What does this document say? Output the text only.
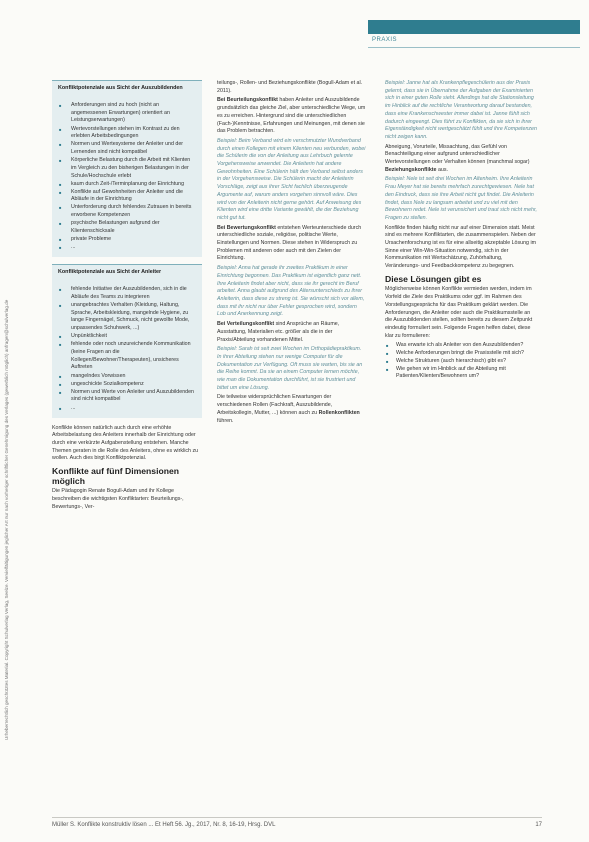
Urheberrechtlich geschütztes Material. Copyright Schulverlag Verlag, Seelze. Vervielfältigungen jeglicher Art nur nach vorheriger schriftlicher Genehmigung des Verlages (gewerblich möglich) anfragen@schulverlag.de
PRAXIS
Konfliktpotenziale aus Sicht der Auszubildenden
■ Anforderungen sind zu hoch (nicht an angemessenen Erwartungen) orientiert an Leistungserwartungen)
■ Wertevorstellungen stehen im Kontrast zu den erlebten Arbeitsbedingungen
■ Normen und Wertesysteme der Anleiter und der Lernenden sind nicht kompatibel
■ Körperliche Belastung durch die Arbeit mit Klienten im Vergleich zu den bisherigen Belastungen in der Schule/Hochschule erlebt
■ kaum durch Zeit-/Terminplanung der Einrichtung
■ Konflikte auf Gewohnheiten der Anleiter und die Abläufe in der Einrichtung
■ Unterforderung durch fehlendes Zutrauen in bereits erworbene Kompetenzen
■ psychische Belastungen aufgrund der Klientenschicksale
■ private Probleme
■ ...
Konfliktpotenziale aus Sicht der Anleiter
■ fehlende Initiative der Auszubildenden, sich in die Abläufe des Teams zu integrieren
■ unangebrachtes Verhalten (Kleidung, Haltung, Sprache, Arbeitskleidung, mangelnde Hygiene, zu lange Fingernägel, Schmuck, nicht gewollte Mode, unpassendes Schuhwerk, ...)
■ Unpünktlichkeit
■ fehlende oder noch unzureichende Kommunikation (keine Fragen an die Kollegen/Bewohner/Therapeuten), unsicheres Auftreten
■ mangelndes Vorwissen
■ ungeschickte Sozialkompetenz
■ Normen und Werte von Anleiter und Auszubildenden sind nicht kompatibel
■ ...

Konflikte können natürlich auch durch eine erhöhte Arbeitsbelastung des Anleiters innerhalb der Einrichtung oder durch eine verkürzte Aufgabenstellung entstehen. Manche Themen geraten in die Rolle des Anleiters, ohne es wirklich zu wollen. Auch dies birgt Konfliktpotenzial.

Konflikte auf fünf Dimensionen möglich

Die Pädagogin Renate Bogull-Adam und ihr Kollege beschreiben die wichtigsten Konfliktarten: Beurteilungs-, Bewertungs-, Ver-

teilungs-, Rollen- und Beziehungskonflikte (Bogull-Adam et al. 2011).

Bei Beurteilungskonflikt haben Anleiter und Auszubildende grundsätzlich das gleiche Ziel, aber unterschiedliche Wege, um es zu erreichen. Hintergrund sind die unterschiedlichen (Fach-)Kenntnisse, Erfahrungen und Meinungen, mit denen sie das Problem betrachten.

Beispiel: Beim Verband wird ein verschmutzter Wundverband durch einen Kollegen mit einem Klienten neu verbunden, wobei die Schülerin die von der Anleitung aus Lehrbuch gelernte Vorgehensweise anwendet. Die Anleiterin hat andere Gewohnheiten. Eine Schülerin hält den Verband selbst anders in der Vorgehensweise. Die Schülerin macht der Anleiterin Vorschläge, zeigt aus ihrer Sicht fachlich überzeugende Argumente auf, warum anders vorgehen sinnvoll wäre. Dies wird von der Anleiterin nicht gerne gehört. Auf Anweisung des Klienten wird eine dritte Variante gewählt, die der Beziehung nicht gut tut.

Bei Bewertungskonflikt entstehen Werteunterschiede durch unterschiedliche soziale, religiöse, politische Werte, Einstellungen und Normen. Diese stehen in Widerspruch zu Problemen mit anderen oder auch mit den Zielen der Einrichtung.

Beispiel: Anna hat gerade ihr zweites Praktikum in einer Einrichtung begonnen. Das Praktikum ist eigentlich ganz nett. Ihre Anleiterin findet aber nicht, dass sie ihr gerecht im Beruf arbeitet. Anna glaubt aufgrund des Altersunterschieds zu ihrer Anleiterin, dass diese zu streng ist. Sie wünscht sich vor allem, dass mit ihr nicht nur über Fehler gesprochen wird, sondern Lob und Anerkennung zeigt.

Bei Verteilungskonflikt sind Ansprüche an Räume, Ausstattung, Materialien etc. größer als die in der Praxis/Abteilung vorhandenen Mittel.

Beispiel: Sarah ist seit zwei Wochen im Orthopädiepraktikum. In ihrer Abteilung stehen nur wenige Computer für die Dokumentation zur Verfügung. Oft muss sie warten, bis sie an die Reihe kommt. Da sie an einem Computer lernen möchte, wie man die Dokumentation durchführt, ist sie frustriert und bittet um eine Lösung.

Die teilweise widersprüchlichen Erwartungen der verschiedenen Rollen (Fachkraft, Auszubildende, Arbeitskollegin, Mutter, ...) können auch zu Rollenkonflikten führen.

Beispiel: Janne hat als Krankenpflegeschülerin aus der Praxis gelernt, dass sie in Übernahme der Aufgaben der Examinierten sich in einer guten Rolle sieht. Allerdings hat die Stationsleitung im Hinblick auf die rechtliche Verantwortung darauf bestanden, dass eine Krankenschwester immer dabei ist. Janne fühlt sich dadurch eingeengt. Dies führt zu Konflikten, da sie sich in ihrer Eigenständigkeit nicht wertgeschätzt fühlt und ihre Kompetenzen nicht zeigen kann.

Abneigung, Vorurteile, Missachtung, das Gefühl von Benachteiligung einer aufgrund unterschiedlicher Wertevorstellungen oder Verhalten können (manchmal sogar) Beziehungskonflikte aus.

Beispiel: Nele ist seit drei Wochen im Altenheim. Ihre Anleiterin Frau Meyer hat sie bereits mehrfach zurechtgewiesen. Nele hat den Eindruck, dass sie ihre Arbeit nicht gut findet. Die Anleiterin findet, dass Nele zu langsam arbeitet und zu viel mit den Bewohnern redet. Nele ist verunsichert und traut sich nicht mehr, Fragen zu stellen.

Konflikte finden häufig nicht nur auf einer Dimension statt. Meist sind es mehrere Konfliktarten, die zusammenspielen. Neben der Ursachenforschung ist es für eine allseitig akzeptable Lösung im Sinne einer Win-Win-Situation notwendig, sich in der Kommunikation mit Wertschätzung, Zuhörhaltung, Veränderungs- und Feedbackkompetenz zu begegnen.

Diese Lösungen gibt es

Möglicherweise können Konflikte vermieden werden, indem im Vorfeld die Ziele des Praktikums oder ggf. im Rahmen des Vorstellungsgesprächs für das Praktikum geklärt werden. Die Anforderungen, die Anleiter oder auch die Praktikumsstelle an die Auszubildenden stellen, sollten bereits zu diesem Zeitpunkt eindeutig formuliert sein. Folgende Fragen helfen dabei, diese klar zu formulieren:

■ Was erwarte ich als Anleiter von den Auszubildenden?
■ Welche Anforderungen bringt die Praxisstelle mit sich?
■ Welche Strukturen (auch hierarchisch) gibt es?
■ Wie gehen wir im Hinblick auf die Abteilung mit Patienten/Klienten/Bewohnern um?
Müller S. Konflikte konstruktiv lösen ... Et Heft 56. Jg., 2017, Nr. 8, 16-19, Hrsg. DVL	17
